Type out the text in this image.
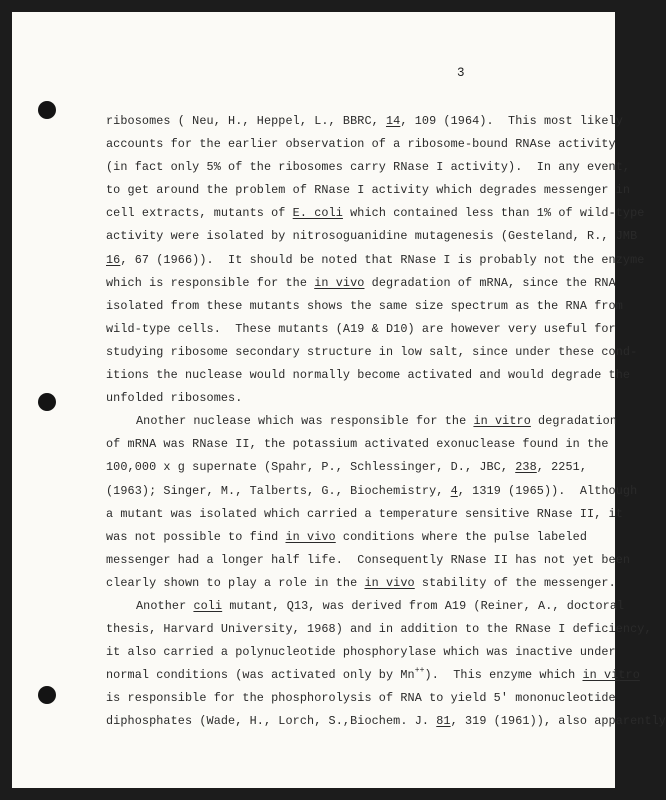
3
ribosomes ( Neu, H., Heppel, L., BBRC, 14, 109 (1964).  This most likely
accounts for the earlier observation of a ribosome-bound RNAse activity
(in fact only 5% of the ribosomes carry RNase I activity).  In any event,
to get around the problem of RNase I activity which degrades messenger in
cell extracts, mutants of E. coli which contained less than 1% of wild-type
activity were isolated by nitrosoguanidine mutagenesis (Gesteland, R., JMB
16, 67 (1966)).  It should be noted that RNase I is probably not the enzyme
which is responsible for the in vivo degradation of mRNA, since the RNA
isolated from these mutants shows the same size spectrum as the RNA from
wild-type cells.  These mutants (A19 & D10) are however very useful for
studying ribosome secondary structure in low salt, since under these cond-
itions the nuclease would normally become activated and would degrade the
unfolded ribosomes.
Another nuclease which was responsible for the in vitro degradation
of mRNA was RNase II, the potassium activated exonuclease found in the
100,000 x g supernate (Spahr, P., Schlessinger, D., JBC, 238, 2251,
(1963); Singer, M., Talberts, G., Biochemistry, 4, 1319 (1965)).  Although
a mutant was isolated which carried a temperature sensitive RNase II, it
was not possible to find in vivo conditions where the pulse labeled
messenger had a longer half life.  Consequently RNase II has not yet been
clearly shown to play a role in the in vivo stability of the messenger.
Another coli mutant, Q13, was derived from A19 (Reiner, A., doctoral
thesis, Harvard University, 1968) and in addition to the RNase I deficiency,
it also carried a polynucleotide phosphorylase which was inactive under
normal conditions (was activated only by Mn++).  This enzyme which in vitro
is responsible for the phosphorolysis of RNA to yield 5' mononucleotide
diphosphates (Wade, H., Lorch, S.,Biochem. J. 81, 319 (1961)), also apparently
